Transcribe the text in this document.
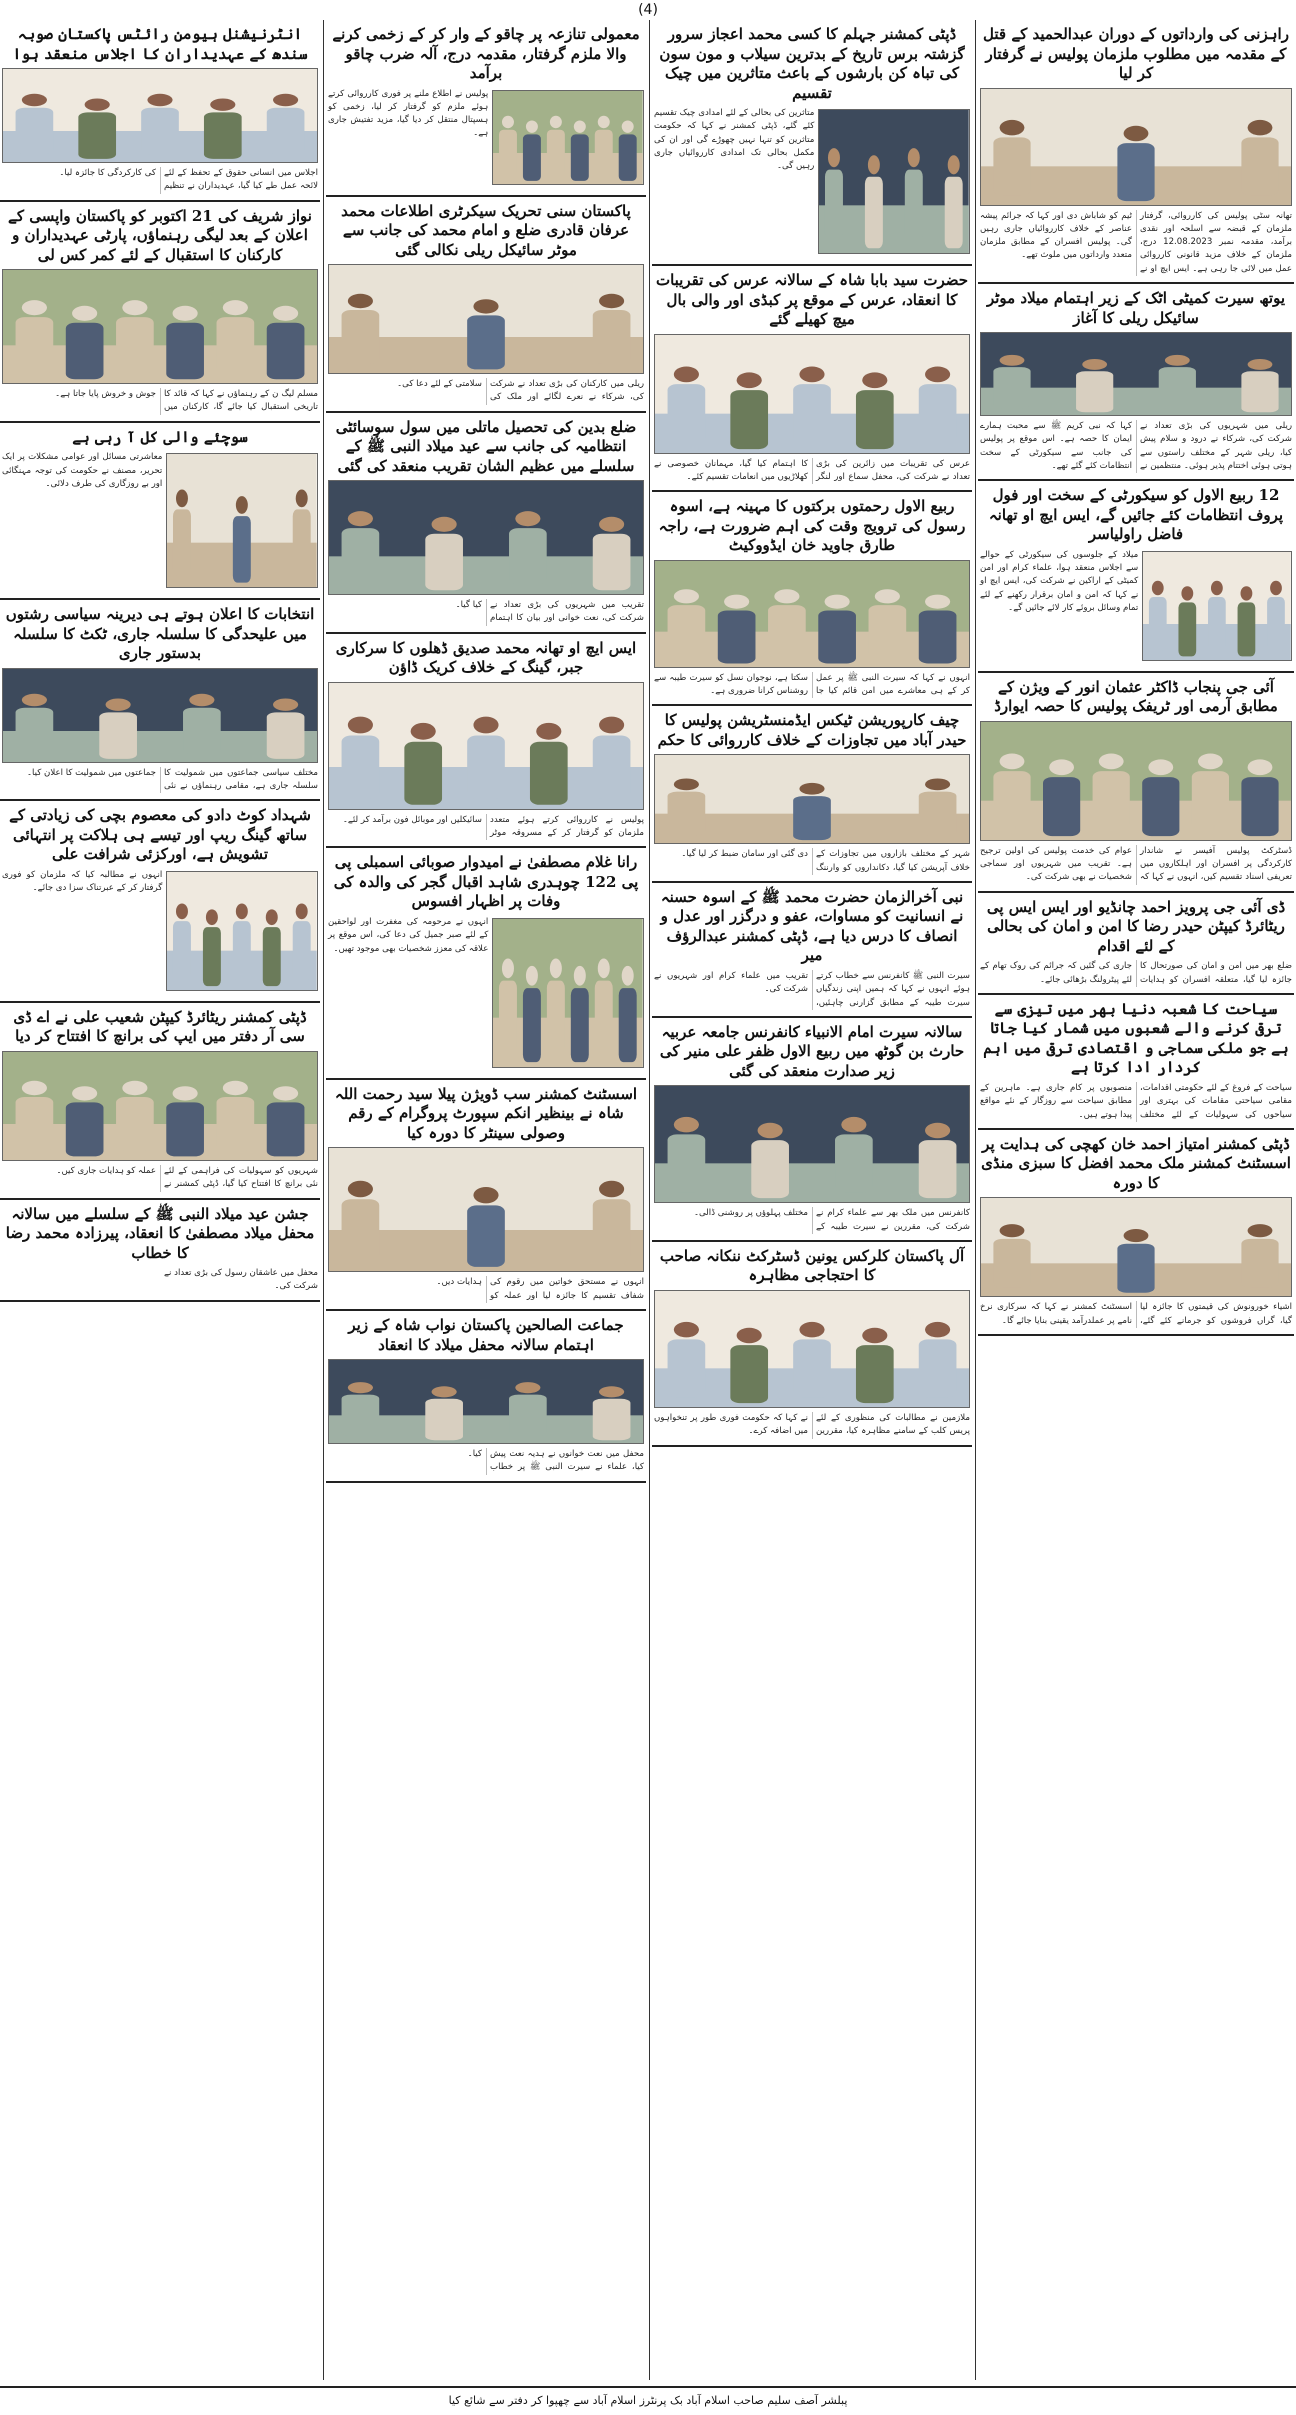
(4)
راہزنی کی وارداتوں کے دوران عبدالحمید کے قتل کے مقدمہ میں مطلوب ملزمان پولیس نے گرفتار کر لیا
تھانہ سٹی پولیس کی کارروائی، گرفتار ملزمان کے قبضہ سے اسلحہ اور نقدی برآمد، مقدمہ نمبر 12.08.2023 درج، ملزمان کے خلاف مزید قانونی کارروائی عمل میں لائی جا رہی ہے۔ ایس ایچ او نے ٹیم کو شاباش دی اور کہا کہ جرائم پیشہ عناصر کے خلاف کارروائیاں جاری رہیں گی۔ پولیس افسران کے مطابق ملزمان متعدد وارداتوں میں ملوث تھے۔
یوتھ سیرت کمیٹی اٹک کے زیر اہتمام میلاد موٹر سائیکل ریلی کا آغاز
ریلی میں شہریوں کی بڑی تعداد نے شرکت کی، شرکاء نے درود و سلام پیش کیا، ریلی شہر کے مختلف راستوں سے ہوتی ہوئی اختتام پذیر ہوئی۔ منتظمین نے کہا کہ نبی کریم ﷺ سے محبت ہمارے ایمان کا حصہ ہے۔ اس موقع پر پولیس کی جانب سے سیکورٹی کے سخت انتظامات کئے گئے تھے۔
12 ربیع الاول کو سیکورٹی کے سخت اور فول پروف انتظامات کئے جائیں گے، ایس ایچ او تھانہ فاضل راولیاسر
میلاد کے جلوسوں کی سیکورٹی کے حوالے سے اجلاس منعقد ہوا، علماء کرام اور امن کمیٹی کے اراکین نے شرکت کی، ایس ایچ او نے کہا کہ امن و امان برقرار رکھنے کے لئے تمام وسائل بروئے کار لائے جائیں گے۔
آئی جی پنجاب ڈاکٹر عثمان انور کے ویژن کے مطابق آرمی اور ٹریفک پولیس کا حصہ ایوارڈ
ڈسٹرکٹ پولیس آفیسر نے شاندار کارکردگی پر افسران اور اہلکاروں میں تعریفی اسناد تقسیم کیں، انہوں نے کہا کہ عوام کی خدمت پولیس کی اولین ترجیح ہے۔ تقریب میں شہریوں اور سماجی شخصیات نے بھی شرکت کی۔
ڈی آئی جی پرویز احمد چانڈیو اور ایس ایس پی ریٹائرڈ کیپٹن حیدر رضا کا امن و امان کی بحالی کے لئے اقدام
ضلع بھر میں امن و امان کی صورتحال کا جائزہ لیا گیا، متعلقہ افسران کو ہدایات جاری کی گئیں کہ جرائم کی روک تھام کے لئے پیٹرولنگ بڑھائی جائے۔
سیاحت کا شعبہ دنیا بھر میں تیزی سے ترقی کرنے والے شعبوں میں شمار کیا جاتا ہے جو ملکی سماجی و اقتصادی ترقی میں اہم کردار ادا کرتا ہے
سیاحت کے فروغ کے لئے حکومتی اقدامات، مقامی سیاحتی مقامات کی بہتری اور سیاحوں کی سہولیات کے لئے مختلف منصوبوں پر کام جاری ہے۔ ماہرین کے مطابق سیاحت سے روزگار کے نئے مواقع پیدا ہوتے ہیں۔
ڈپٹی کمشنر امتیاز احمد خان کھچی کی ہدایت پر اسسٹنٹ کمشنر ملک محمد افضل کا سبزی منڈی کا دورہ
اشیاء خورونوش کی قیمتوں کا جائزہ لیا گیا، گراں فروشوں کو جرمانے کئے گئے، اسسٹنٹ کمشنر نے کہا کہ سرکاری نرخ نامے پر عملدرآمد یقینی بنایا جائے گا۔
ڈپٹی کمشنر جہلم کا کسی محمد اعجاز سرور گزشتہ برس تاریخ کے بدترین سیلاب و مون سون کی تباہ کن بارشوں کے باعث متاثرین میں چیک تقسیم
متاثرین کی بحالی کے لئے امدادی چیک تقسیم کئے گئے، ڈپٹی کمشنر نے کہا کہ حکومت متاثرین کو تنہا نہیں چھوڑے گی اور ان کی مکمل بحالی تک امدادی کارروائیاں جاری رہیں گی۔
حضرت سید بابا شاہ کے سالانہ عرس کی تقریبات کا انعقاد، عرس کے موقع پر کبڈی اور والی بال میچ کھیلے گئے
عرس کی تقریبات میں زائرین کی بڑی تعداد نے شرکت کی، محفل سماع اور لنگر کا اہتمام کیا گیا، مہمانان خصوصی نے کھلاڑیوں میں انعامات تقسیم کئے۔
ربیع الاول رحمتوں برکتوں کا مہینہ ہے، اسوہ رسول کی ترویج وقت کی اہم ضرورت ہے، راجہ طارق جاوید خان ایڈووکیٹ
انہوں نے کہا کہ سیرت النبی ﷺ پر عمل کر کے ہی معاشرے میں امن قائم کیا جا سکتا ہے، نوجوان نسل کو سیرت طیبہ سے روشناس کرانا ضروری ہے۔
چیف کارپوریشن ٹیکس ایڈمنسٹریشن پولیس کا حیدر آباد میں تجاوزات کے خلاف کارروائی کا حکم
شہر کے مختلف بازاروں میں تجاوزات کے خلاف آپریشن کیا گیا، دکانداروں کو وارننگ دی گئی اور سامان ضبط کر لیا گیا۔
نبی آخرالزمان حضرت محمد ﷺ کے اسوہ حسنہ نے انسانیت کو مساوات، عفو و درگزر اور عدل و انصاف کا درس دیا ہے، ڈپٹی کمشنر عبدالرؤف میر
سیرت النبی ﷺ کانفرنس سے خطاب کرتے ہوئے انہوں نے کہا کہ ہمیں اپنی زندگیاں سیرت طیبہ کے مطابق گزارنی چاہئیں، تقریب میں علماء کرام اور شہریوں نے شرکت کی۔
سالانہ سیرت امام الانبیاء کانفرنس جامعہ عربیہ حارث بن گوٹھ میں ربیع الاول ظفر علی منیر کی زیر صدارت منعقد کی گئی
کانفرنس میں ملک بھر سے علماء کرام نے شرکت کی، مقررین نے سیرت طیبہ کے مختلف پہلوؤں پر روشنی ڈالی۔
آل پاکستان کلرکس یونین ڈسٹرکٹ ننکانہ صاحب کا احتجاجی مظاہرہ
ملازمین نے مطالبات کی منظوری کے لئے پریس کلب کے سامنے مظاہرہ کیا، مقررین نے کہا کہ حکومت فوری طور پر تنخواہوں میں اضافہ کرے۔
معمولی تنازعہ پر چاقو کے وار کر کے زخمی کرنے والا ملزم گرفتار، مقدمہ درج، آلہ ضرب چاقو برآمد
پولیس نے اطلاع ملنے پر فوری کارروائی کرتے ہوئے ملزم کو گرفتار کر لیا، زخمی کو ہسپتال منتقل کر دیا گیا، مزید تفتیش جاری ہے۔
پاکستان سنی تحریک سیکرٹری اطلاعات محمد عرفان قادری ضلع و امام محمد کی جانب سے موٹر سائیکل ریلی نکالی گئی
ریلی میں کارکنان کی بڑی تعداد نے شرکت کی، شرکاء نے نعرے لگائے اور ملک کی سلامتی کے لئے دعا کی۔
ضلع بدین کی تحصیل ماتلی میں سول سوسائٹی انتظامیہ کی جانب سے عید میلاد النبی ﷺ کے سلسلے میں عظیم الشان تقریب منعقد کی گئی
تقریب میں شہریوں کی بڑی تعداد نے شرکت کی، نعت خوانی اور بیان کا اہتمام کیا گیا۔
ایس ایچ او تھانہ محمد صدیق ڈھلوں کا سرکاری جبر، گینگ کے خلاف کریک ڈاؤن
پولیس نے کارروائی کرتے ہوئے متعدد ملزمان کو گرفتار کر کے مسروقہ موٹر سائیکلیں اور موبائل فون برآمد کر لئے۔
رانا غلام مصطفیٰ نے امیدوار صوبائی اسمبلی پی پی 122 چوہدری شاہد اقبال گجر کی والدہ کی وفات پر اظہار افسوس
انہوں نے مرحومہ کی مغفرت اور لواحقین کے لئے صبر جمیل کی دعا کی، اس موقع پر علاقہ کی معزز شخصیات بھی موجود تھیں۔
اسسٹنٹ کمشنر سب ڈویژن پیلا سید رحمت اللہ شاہ نے بینظیر انکم سپورٹ پروگرام کے رقم وصولی سینٹر کا دورہ کیا
انہوں نے مستحق خواتین میں رقوم کی شفاف تقسیم کا جائزہ لیا اور عملہ کو ہدایات دیں۔
جماعت الصالحین پاکستان نواب شاہ کے زیر اہتمام سالانہ محفل میلاد کا انعقاد
محفل میں نعت خوانوں نے ہدیہ نعت پیش کیا، علماء نے سیرت النبی ﷺ پر خطاب کیا۔
انٹرنیشنل ہیومن رائٹس پاکستان صوبہ سندھ کے عہدیداران کا اجلاس منعقد ہوا
اجلاس میں انسانی حقوق کے تحفظ کے لئے لائحہ عمل طے کیا گیا، عہدیداران نے تنظیم کی کارکردگی کا جائزہ لیا۔
نواز شریف کی 21 اکتوبر کو پاکستان واپسی کے اعلان کے بعد لیگی رہنماؤں، پارٹی عہدیداران و کارکنان کا استقبال کے لئے کمر کس لی
مسلم لیگ ن کے رہنماؤں نے کہا کہ قائد کا تاریخی استقبال کیا جائے گا، کارکنان میں جوش و خروش پایا جاتا ہے۔
سوچئے والی کل آ رہی ہے
معاشرتی مسائل اور عوامی مشکلات پر ایک تحریر، مصنف نے حکومت کی توجہ مہنگائی اور بے روزگاری کی طرف دلائی۔
انتخابات کا اعلان ہوتے ہی دیرینہ سیاسی رشتوں میں علیحدگی کا سلسلہ جاری، ٹکٹ کا سلسلہ بدستور جاری
مختلف سیاسی جماعتوں میں شمولیت کا سلسلہ جاری ہے، مقامی رہنماؤں نے نئی جماعتوں میں شمولیت کا اعلان کیا۔
شہداد کوٹ دادو کی معصوم بچی کی زیادتی کے ساتھ گینگ ریپ اور تیسے ہی ہلاکت پر انتہائی تشویش ہے، اورکزئی شرافت علی
انہوں نے مطالبہ کیا کہ ملزمان کو فوری گرفتار کر کے عبرتناک سزا دی جائے۔
ڈپٹی کمشنر ریٹائرڈ کیپٹن شعیب علی نے اے ڈی سی آر دفتر میں ایپ کی برانچ کا افتتاح کر دیا
شہریوں کو سہولیات کی فراہمی کے لئے نئی برانچ کا افتتاح کیا گیا، ڈپٹی کمشنر نے عملہ کو ہدایات جاری کیں۔
جشن عید میلاد النبی ﷺ کے سلسلے میں سالانہ محفل میلاد مصطفیٰ کا انعقاد، پیرزادہ محمد رضا کا خطاب
محفل میں عاشقان رسول کی بڑی تعداد نے شرکت کی۔
پبلشر آصف سلیم صاحب اسلام آباد بک پرنٹرز اسلام آباد سے چھپوا کر دفتر سے شائع کیا
